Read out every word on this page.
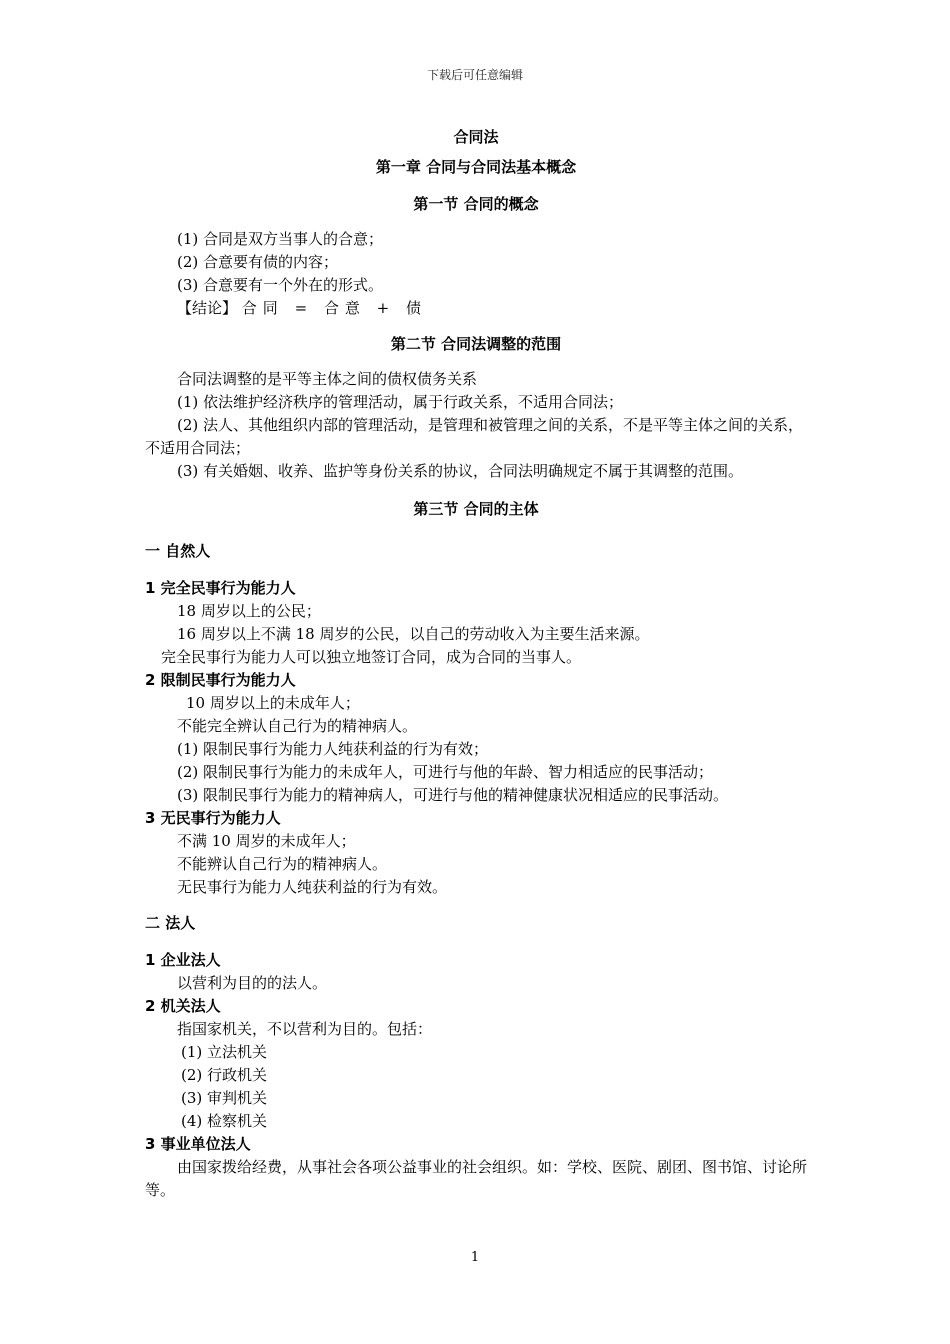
下载后可任意编辑
合同法
第一章 合同与合同法基本概念
第一节 合同的概念

(1) 合同是双方当事人的合意；

(2) 合意要有债的内容；

(3) 合意要有一个外在的形式。

【结论】 合同 = 合意 + 债

第二节 合同法调整的范围

合同法调整的是平等主体之间的债权债务关系

(1) 依法维护经济秩序的管理活动，属于行政关系，不适用合同法；

(2) 法人、其他组织内部的管理活动，是管理和被管理之间的关系，不是平等主体之间的关系，不适用合同法；

(3) 有关婚姻、收养、监护等身份关系的协议，合同法明确规定不属于其调整的范围。

第三节 合同的主体
一 自然人
1 完全民事行为能力人

18 周岁以上的公民；

16 周岁以上不满 18 周岁的公民，以自己的劳动收入为主要生活来源。

完全民事行为能力人可以独立地签订合同，成为合同的当事人。

2 限制民事行为能力人

10 周岁以上的未成年人；

不能完全辨认自己行为的精神病人。

(1) 限制民事行为能力人纯获利益的行为有效；

(2) 限制民事行为能力的未成年人，可进行与他的年龄、智力相适应的民事活动；

(3) 限制民事行为能力的精神病人，可进行与他的精神健康状况相适应的民事活动。

3 无民事行为能力人

不满 10 周岁的未成年人；

不能辨认自己行为的精神病人。

无民事行为能力人纯获利益的行为有效。

二 法人
1 企业法人

以营利为目的的法人。

2 机关法人

指国家机关，不以营利为目的。包括：

(1) 立法机关

(2) 行政机关

(3) 审判机关

(4) 检察机关

3 事业单位法人

由国家拨给经费，从事社会各项公益事业的社会组织。如：学校、医院、剧团、图书馆、讨论所等。

1
